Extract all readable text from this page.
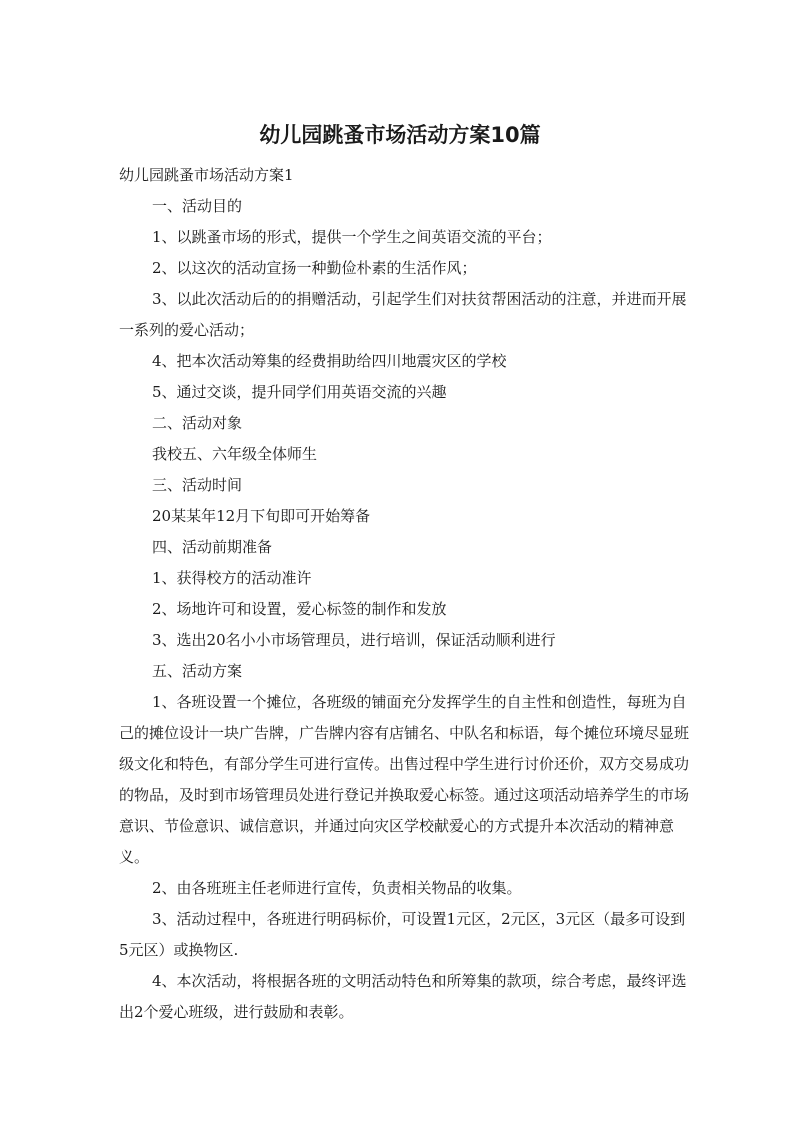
幼儿园跳蚤市场活动方案10篇

幼儿园跳蚤市场活动方案1

一、活动目的

1、以跳蚤市场的形式，提供一个学生之间英语交流的平台；

2、以这次的活动宣扬一种勤俭朴素的生活作风；

3、以此次活动后的的捐赠活动，引起学生们对扶贫帮困活动的注意，并进而开展一系列的爱心活动；

4、把本次活动筹集的经费捐助给四川地震灾区的学校

5、通过交谈，提升同学们用英语交流的兴趣

二、活动对象

我校五、六年级全体师生

三、活动时间

20某某年12月下旬即可开始筹备

四、活动前期准备

1、获得校方的活动准许

2、场地许可和设置，爱心标签的制作和发放

3、选出20名小小市场管理员，进行培训，保证活动顺利进行

五、活动方案

1、各班设置一个摊位，各班级的铺面充分发挥学生的自主性和创造性，每班为自己的摊位设计一块广告牌，广告牌内容有店铺名、中队名和标语，每个摊位环境尽显班级文化和特色，有部分学生可进行宣传。出售过程中学生进行讨价还价，双方交易成功的物品，及时到市场管理员处进行登记并换取爱心标签。通过这项活动培养学生的市场意识、节俭意识、诚信意识，并通过向灾区学校献爱心的方式提升本次活动的精神意义。

2、由各班班主任老师进行宣传，负责相关物品的收集。

3、活动过程中，各班进行明码标价，可设置1元区，2元区，3元区（最多可设到5元区）或换物区.

4、本次活动，将根据各班的文明活动特色和所筹集的款项，综合考虑，最终评选出2个爱心班级，进行鼓励和表彰。
